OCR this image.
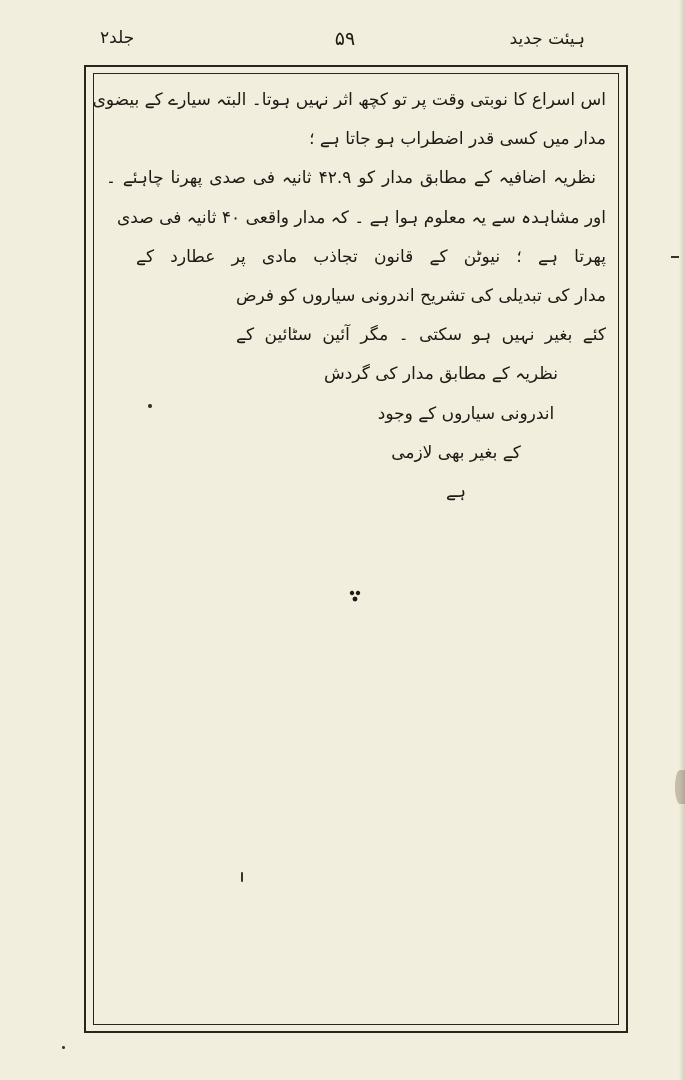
جلد۲	۵۹	ہیئت جدید
اس اسراع کا نوبتی وقت پر تو کچھ اثر نہیں ہوتا۔ البتہ سیارے کے بیضوی
مدار میں کسی قدر اضطراب ہو جاتا ہے ؛
نظریہ اضافیہ کے مطابق مدار کو ۴۲.۹ ثانیہ فی صدی پھرنا چاہئے ۔
اور مشاہدہ سے یہ معلوم ہوا ہے ۔ کہ مدار واقعی ۴۰ ثانیہ فی صدی
پھرتا ہے ؛ نیوٹن کے قانون تجاذب مادی پر عطارد کے
مدار کی تبدیلی کی تشریح اندرونی سیاروں کو فرض
کئے بغیر نہیں ہو سکتی ۔ مگر آئین سٹائین کے
نظریہ کے مطابق مدار کی گردش
اندرونی سیاروں کے وجود
کے بغیر بھی لازمی
ہے
